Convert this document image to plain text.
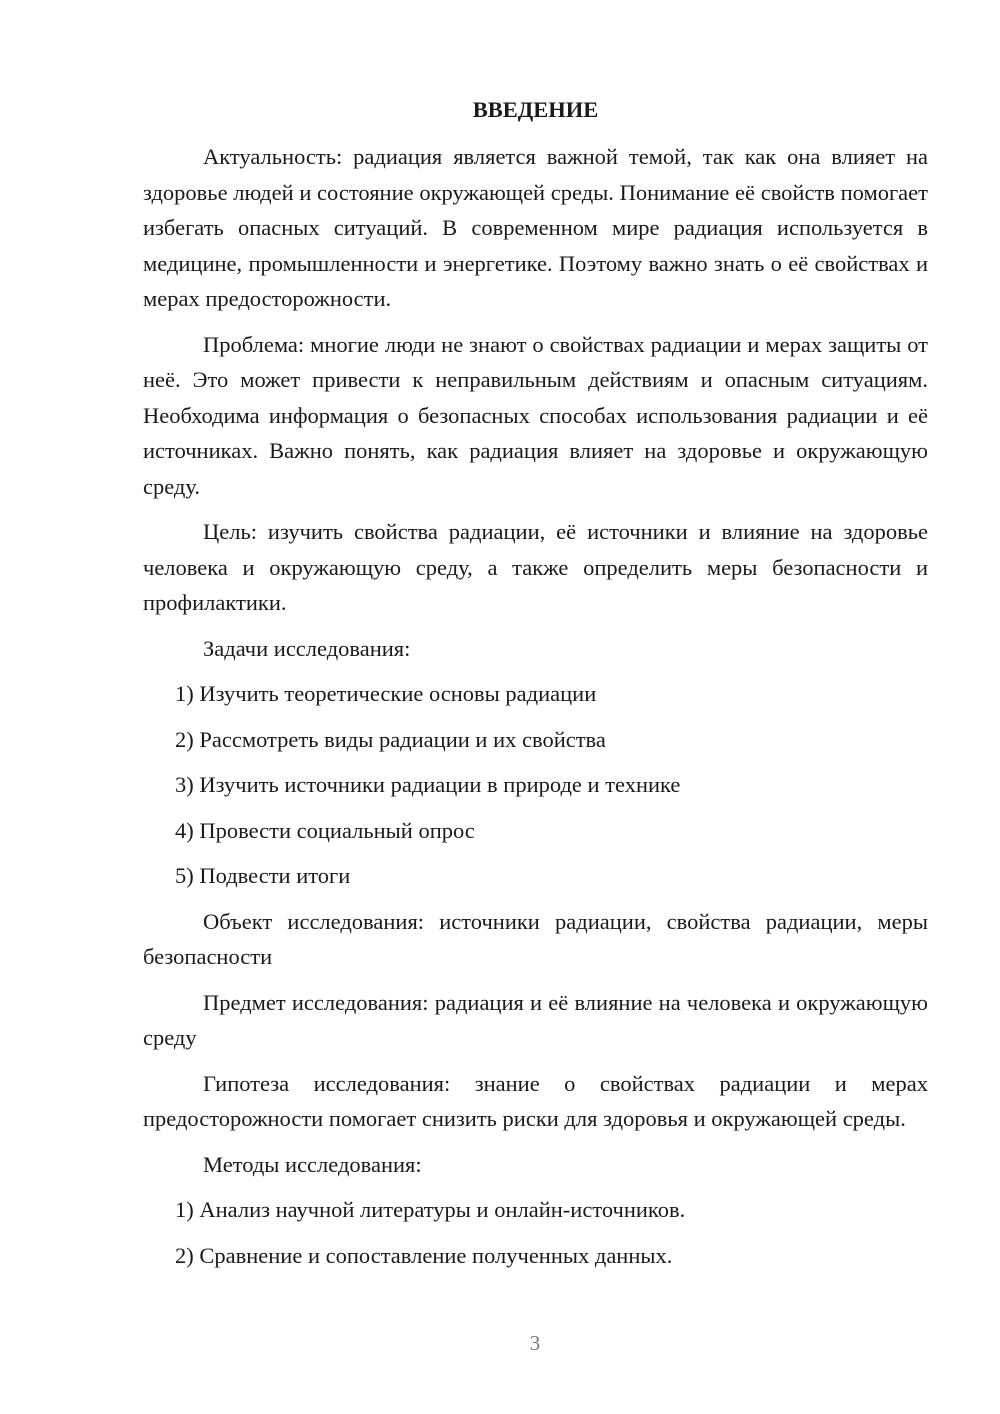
ВВЕДЕНИЕ
Актуальность: радиация является важной темой, так как она влияет на здоровье людей и состояние окружающей среды. Понимание её свойств помогает избегать опасных ситуаций. В современном мире радиация используется в медицине, промышленности и энергетике. Поэтому важно знать о её свойствах и мерах предосторожности.
Проблема: многие люди не знают о свойствах радиации и мерах защиты от неё. Это может привести к неправильным действиям и опасным ситуациям. Необходима информация о безопасных способах использования радиации и её источниках. Важно понять, как радиация влияет на здоровье и окружающую среду.
Цель: изучить свойства радиации, её источники и влияние на здоровье человека и окружающую среду, а также определить меры безопасности и профилактики.
Задачи исследования:
1) Изучить теоретические основы радиации
2) Рассмотреть виды радиации и их свойства
3) Изучить источники радиации в природе и технике
4) Провести социальный опрос
5) Подвести итоги
Объект исследования: источники радиации, свойства радиации, меры безопасности
Предмет исследования: радиация и её влияние на человека и окружающую среду
Гипотеза исследования: знание о свойствах радиации и мерах предосторожности помогает снизить риски для здоровья и окружающей среды.
Методы исследования:
1) Анализ научной литературы и онлайн-источников.
2) Сравнение и сопоставление полученных данных.
3
